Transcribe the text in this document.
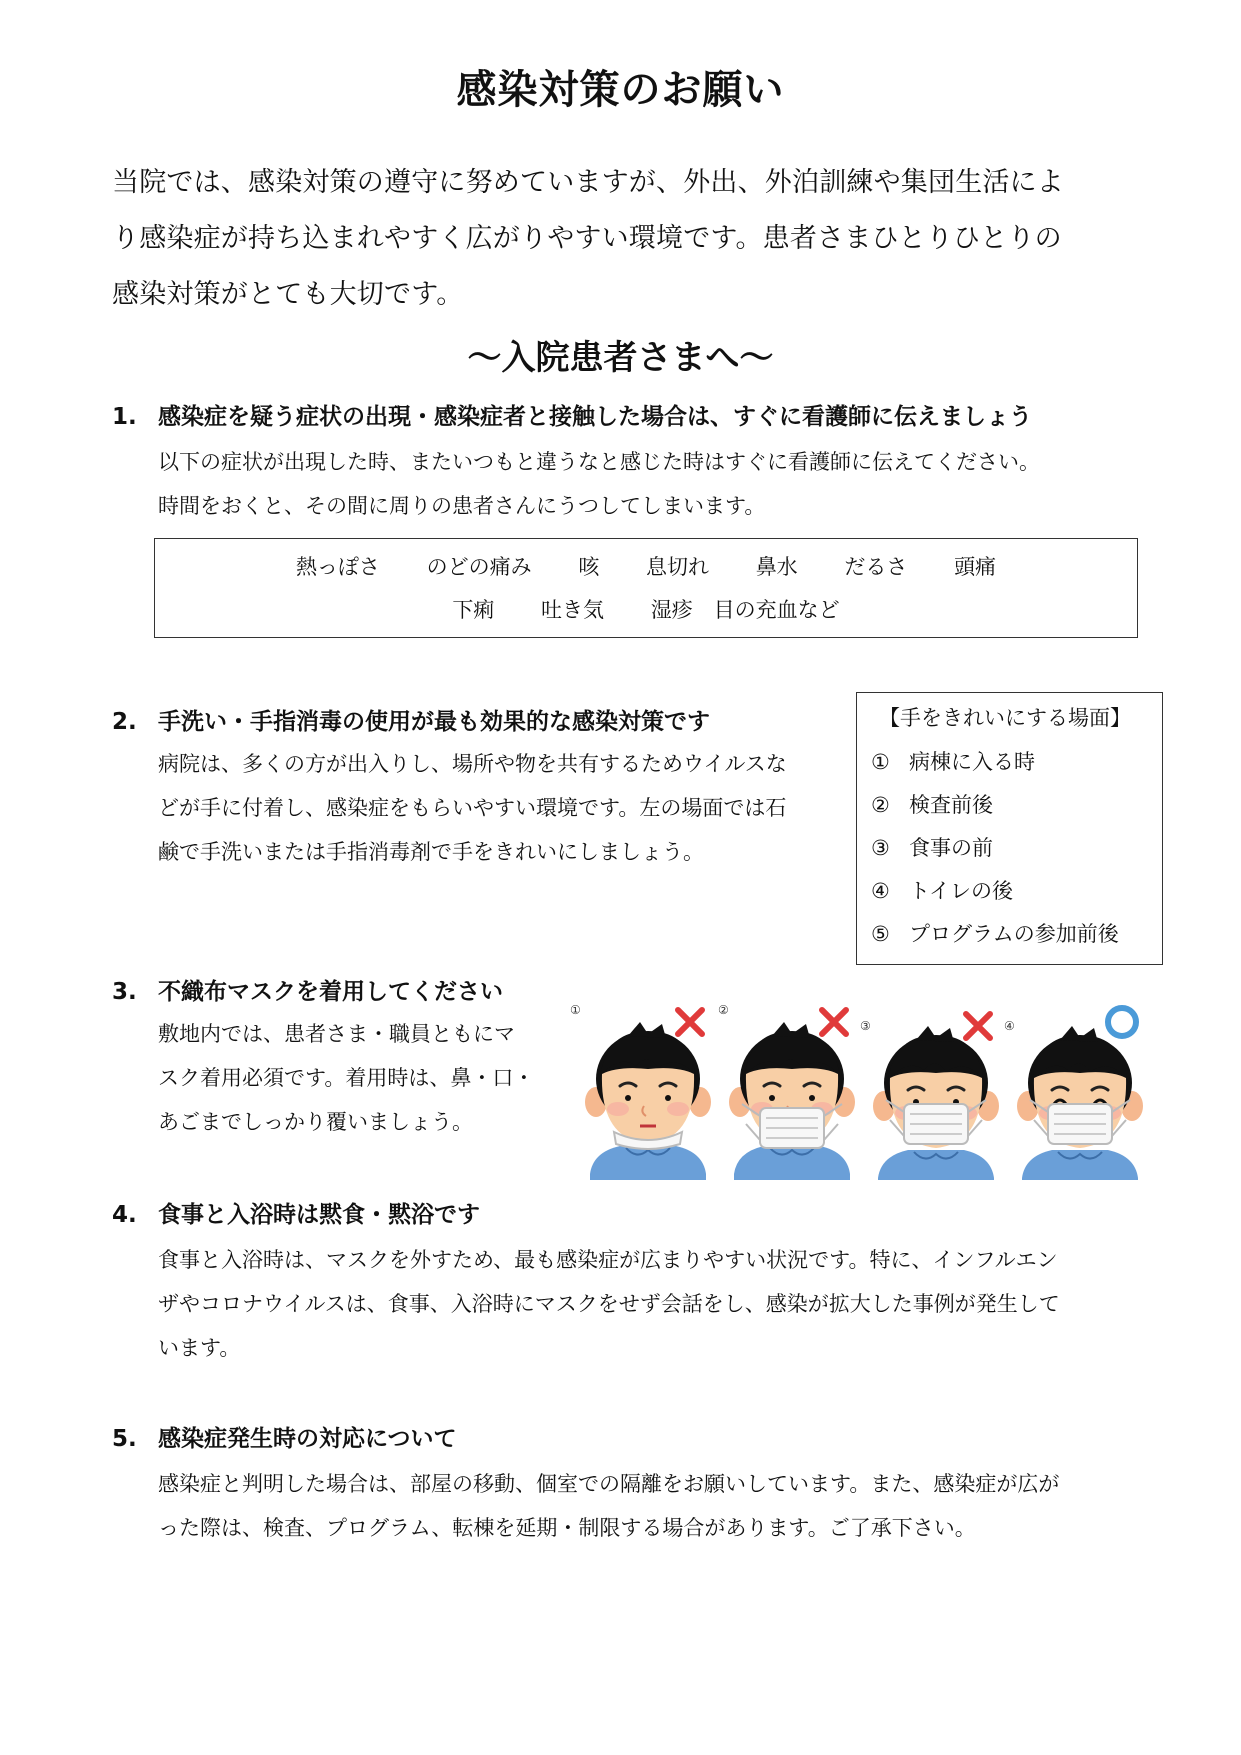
感染対策のお願い
当院では、感染対策の遵守に努めていますが、外出、外泊訓練や集団生活によ
り感染症が持ち込まれやすく広がりやすい環境です。患者さまひとりひとりの
感染対策がとても大切です。
～入院患者さまへ～
1. 感染症を疑う症状の出現・感染症者と接触した場合は、すぐに看護師に伝えましょう
以下の症状が出現した時、またいつもと違うなと感じた時はすぐに看護師に伝えてください。
時間をおくと、その間に周りの患者さんにうつしてしまいます。
熱っぽさ のどの痛み 咳 息切れ 鼻水 だるさ 頭痛
下痢 吐き気 湿疹　目の充血など
2. 手洗い・手指消毒の使用が最も効果的な感染対策です
病院は、多くの方が出入りし、場所や物を共有するためウイルスな
どが手に付着し、感染症をもらいやすい環境です。左の場面では石
鹸で手洗いまたは手指消毒剤で手をきれいにしましょう。
【手をきれいにする場面】
① 病棟に入る時
② 検査前後
③ 食事の前
④ トイレの後
⑤ プログラムの参加前後
3. 不織布マスクを着用してください
敷地内では、患者さま・職員ともにマ
スク着用必須です。着用時は、鼻・口・
あごまでしっかり覆いましょう。
①	②
③	④
4. 食事と入浴時は黙食・黙浴です
食事と入浴時は、マスクを外すため、最も感染症が広まりやすい状況です。特に、インフルエン
ザやコロナウイルスは、食事、入浴時にマスクをせず会話をし、感染が拡大した事例が発生して
います。
5. 感染症発生時の対応について
感染症と判明した場合は、部屋の移動、個室での隔離をお願いしています。また、感染症が広が
った際は、検査、プログラム、転棟を延期・制限する場合があります。ご了承下さい。
